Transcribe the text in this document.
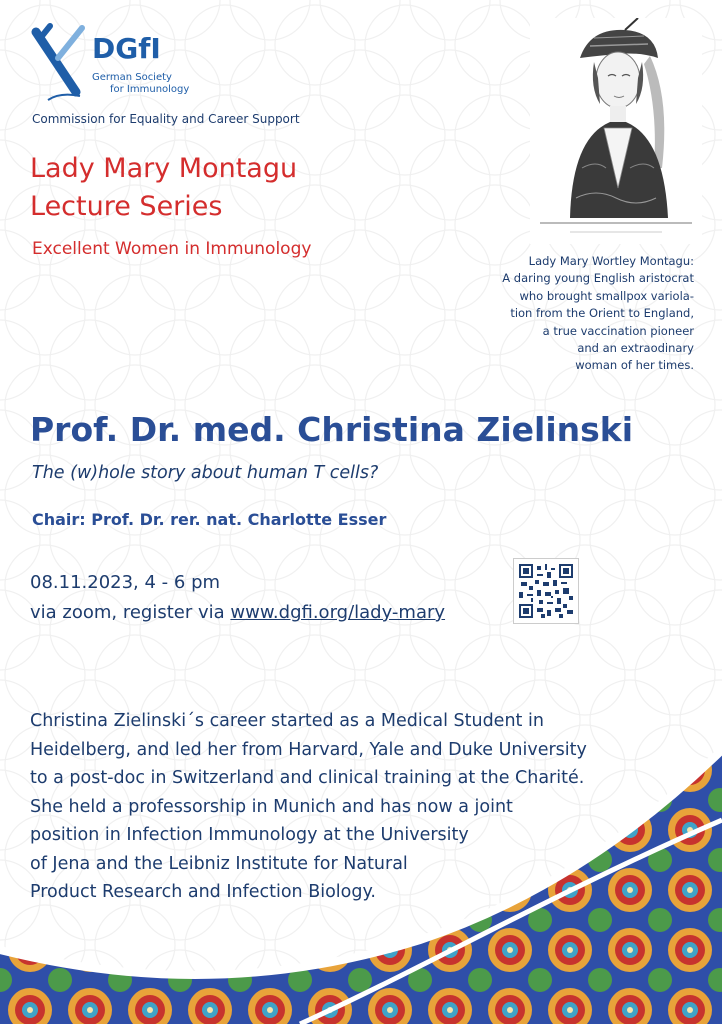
DGfI
German Society
for Immunology
Commission for Equality and Career Support
Lady Mary Montagu
Lecture Series
Excellent Women in Immunology
Lady Mary Wortley Montagu:
A daring young English aristocrat
who brought smallpox variola-
tion from the Orient to England,
a true vaccination pioneer
and an extraodinary
woman of her times.
Prof. Dr. med. Christina Zielinski
The (w)hole story about human T cells?
Chair: Prof. Dr. rer. nat. Charlotte Esser
08.11.2023, 4 - 6 pm
via zoom, register via www.dgfi.org/lady-mary
Christina Zielinski´s career started as a Medical Student in
Heidelberg, and led her from Harvard, Yale and Duke University
to a post-doc in Switzerland and clinical training at the Charité.
She held a professorship in Munich and has now a joint
position in Infection Immunology at the University
of Jena and the Leibniz Institute for Natural
Product Research and Infection Biology.
